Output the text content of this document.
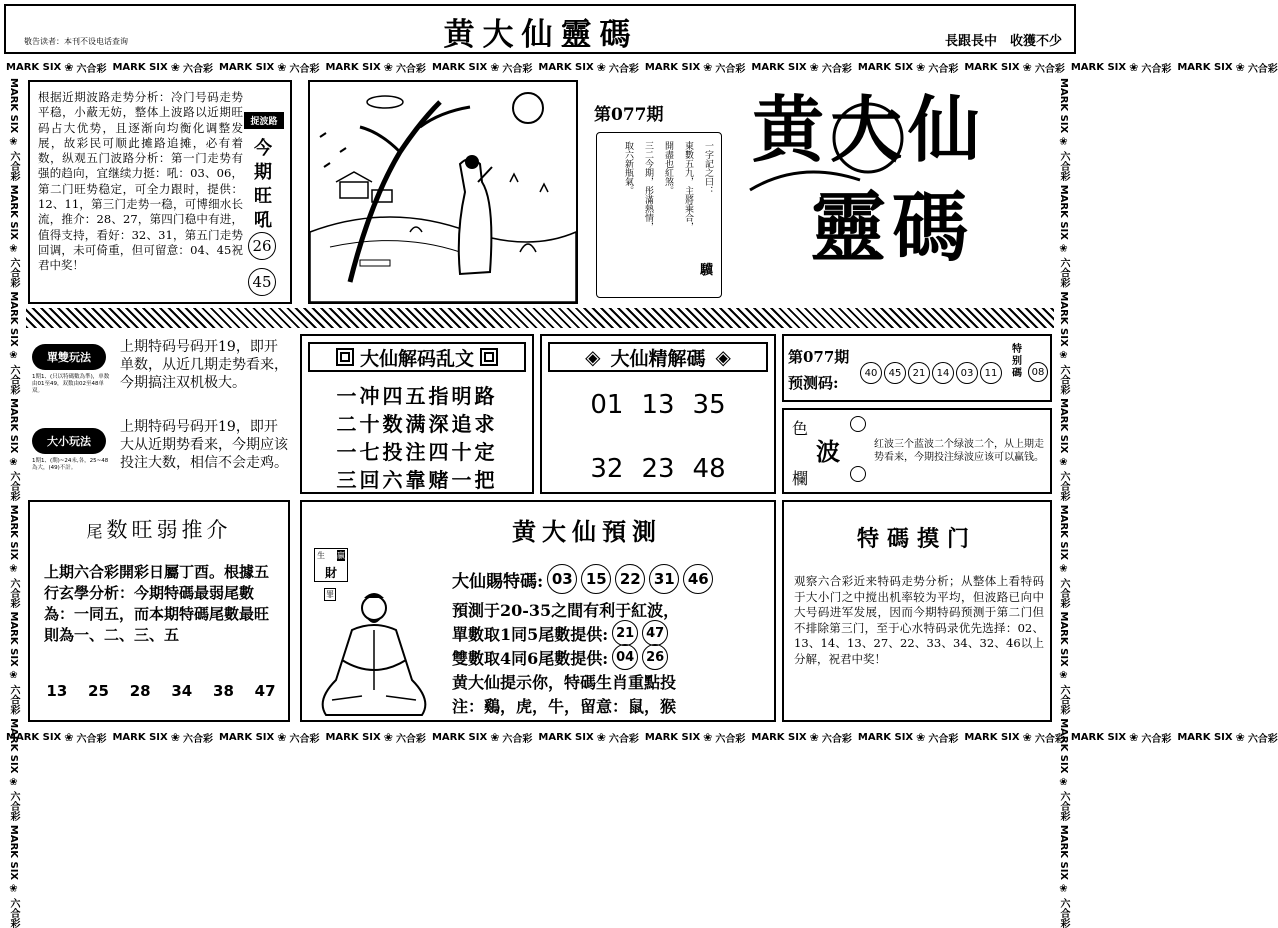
敬告读者：本刊不设电话查询	黄大仙靈碼	長跟長中　收獲不少
MARK SIX ❀ 六合彩 MARK SIX ❀ 六合彩 MARK SIX ❀ 六合彩 MARK SIX ❀ 六合彩 MARK SIX ❀ 六合彩 MARK SIX ❀ 六合彩 MARK SIX ❀ 六合彩 MARK SIX ❀ 六合彩 MARK SIX ❀ 六合彩 MARK SIX ❀ 六合彩 MARK SIX ❀ 六合彩 MARK SIX ❀ 六合彩
MARK SIX ❀ 六合彩 MARK SIX ❀ 六合彩 MARK SIX ❀ 六合彩 MARK SIX ❀ 六合彩 MARK SIX ❀ 六合彩 MARK SIX ❀ 六合彩 MARK SIX ❀ 六合彩 MARK SIX ❀ 六合彩 MARK SIX ❀ 六合彩 MARK SIX ❀ 六合彩 MARK SIX ❀ 六合彩 MARK SIX ❀ 六合彩
MARK SIX ❀ 六合彩 MARK SIX ❀ 六合彩 MARK SIX ❀ 六合彩 MARK SIX ❀ 六合彩 MARK SIX ❀ 六合彩 MARK SIX ❀ 六合彩 MARK SIX ❀ 六合彩 MARK SIX ❀ 六合彩	MARK SIX ❀ 六合彩 MARK SIX ❀ 六合彩 MARK SIX ❀ 六合彩 MARK SIX ❀ 六合彩 MARK SIX ❀ 六合彩 MARK SIX ❀ 六合彩 MARK SIX ❀ 六合彩 MARK SIX ❀ 六合彩
根据近期波路走势分析：冷门号码走势平稳，小蔽无妨，整体上波路以近期旺码占大优势，且逐渐向均衡化调整发展，故彩民可顺此摊路追摊，必有着数，纵观五门波路分析：第一门走势有强的趋向，宜继续力挺：吼：03、06，第二门旺势稳定，可全力跟时，提供：12、11，第三门走势一稳，可博细水长流，推介：28、27，第四门稳中有进，值得支持，看好：32、31，第五门走势回调，未可倚重，但可留意：04、45祝君中奖！
捉波路
今
期
旺
吼
26
45
第077期
一字記之曰：
東數五九，主將乘合，
開盡也紅煞。
三二今期，彤滿熱情，
取六新瓶氣。
驥
黄大仙
靈碼
單雙玩法
1期1、(只以特碼數為準)，单数由01至49，双数由02至48单双。
上期特码号码开19，即开单数，从近几期走势看来，今期搞注双机极大。
大小玩法
1期1、(期)~24未,各，25~48為大，(49)不計。
上期特码号码开19，即开大从近期势看来，今期应该投注大数，相信不会走鸡。
大仙解码乱文
一冲四五指明路
二十数满深追求
一七投注四十定
三回六靠赌一把
◈ 大仙精解碼 ◈
01 13 35
32 23 48
第077期
预测码:
40	45	21	14	03	11
特别碼 08
色
波
欄
红波三个蓝波二个绿波二个，从上期走势看来，今期投注绿波应该可以赢钱。
尾数旺弱推介
上期六合彩開彩日屬丁酉。根據五行玄學分析：今期特碼最弱尾數為：一同五，而本期特碼尾數最旺則為一、二、三、五
13 25 28 34 38 47
黄大仙預測
生 贏
財
罪
大仙賜特碼: 03 15 22 31 46
預測于20-35之間有利于紅波，
單數取1同5尾數提供: 21 47
雙數取4同6尾數提供: 04 26
黄大仙提示你，特碼生肖重點投
注：鷄，虎，牛，留意：鼠，猴
特碼摸门
观察六合彩近来特码走势分析；从整体上看特码于大小门之中搅出机率较为平均，但波路已向中大号码进军发展，因而今期特码预测于第二门但不排除第三门，至于心水特码录优先选择：02、13、14、13、27、22、33、34、32、46以上分解，祝君中奖！
